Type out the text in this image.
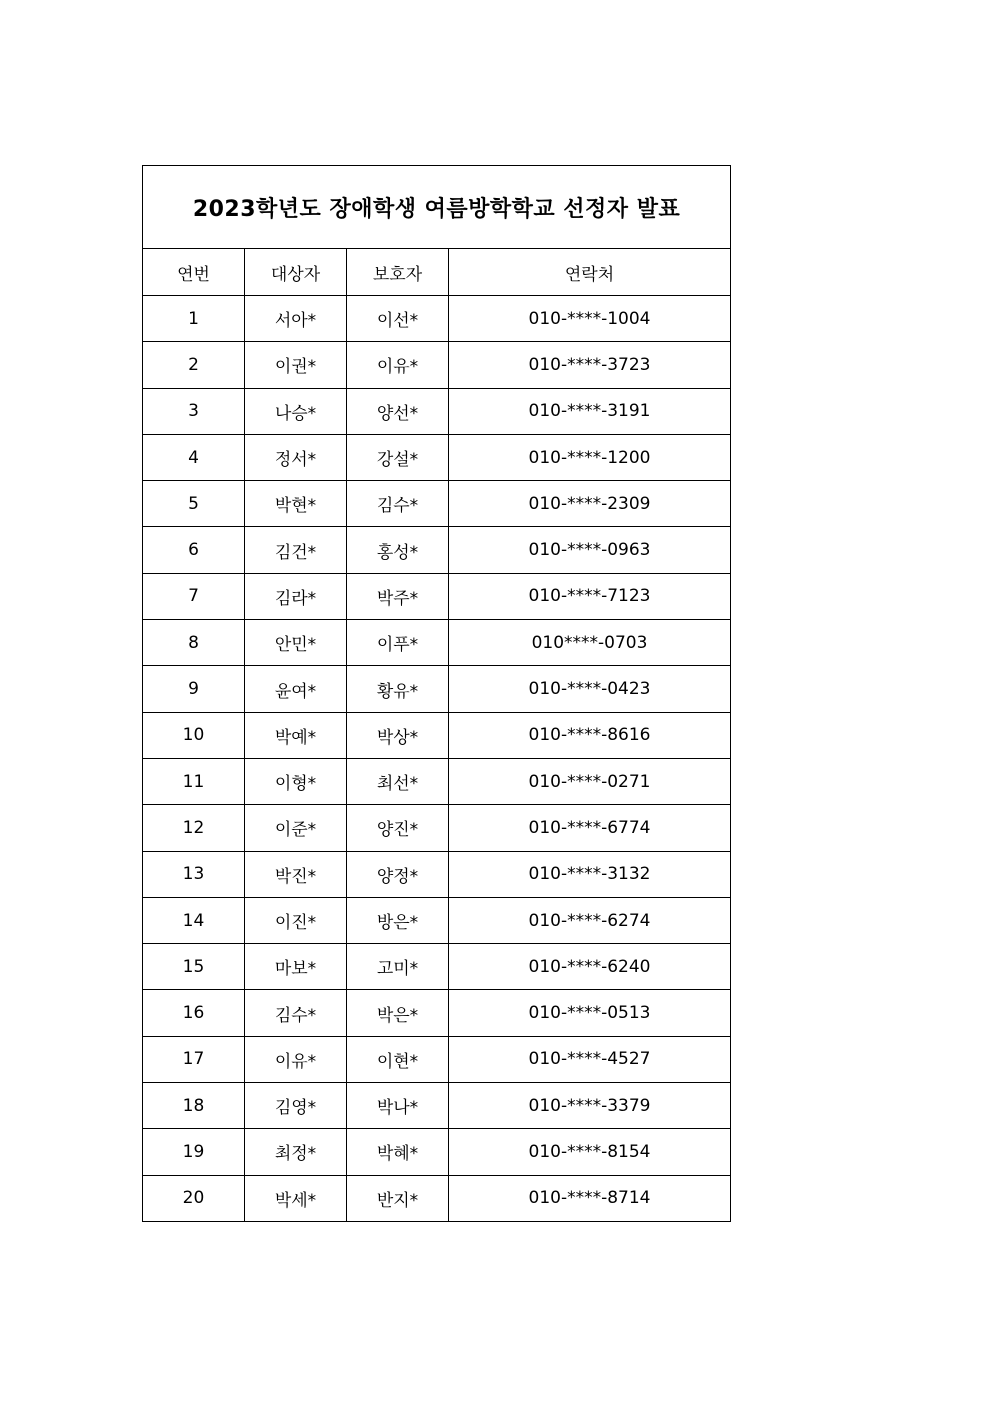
2023학년도 장애학생 여름방학학교 선정자 발표			
연번	대상자	보호자	연락처
1	서아*	이선*	010-****-1004
2	이권*	이유*	010-****-3723
3	나승*	양선*	010-****-3191
4	정서*	강설*	010-****-1200
5	박현*	김수*	010-****-2309
6	김건*	홍성*	010-****-0963
7	김라*	박주*	010-****-7123
8	안민*	이푸*	010****-0703
9	윤여*	황유*	010-****-0423
10	박예*	박상*	010-****-8616
11	이형*	최선*	010-****-0271
12	이준*	양진*	010-****-6774
13	박진*	양정*	010-****-3132
14	이진*	방은*	010-****-6274
15	마보*	고미*	010-****-6240
16	김수*	박은*	010-****-0513
17	이유*	이현*	010-****-4527
18	김영*	박나*	010-****-3379
19	최정*	박혜*	010-****-8154
20	박세*	반지*	010-****-8714
